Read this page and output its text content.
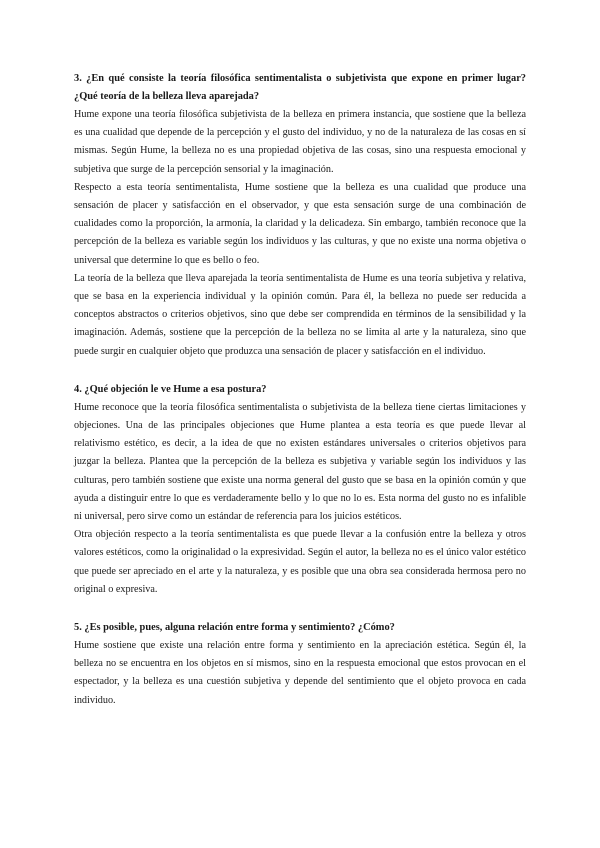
3. ¿En qué consiste la teoría filosófica sentimentalista o subjetivista que expone en primer lugar? ¿Qué teoría de la belleza lleva aparejada?

Hume expone una teoría filosófica subjetivista de la belleza en primera instancia, que sostiene que la belleza es una cualidad que depende de la percepción y el gusto del individuo, y no de la naturaleza de las cosas en sí mismas. Según Hume, la belleza no es una propiedad objetiva de las cosas, sino una respuesta emocional y subjetiva que surge de la percepción sensorial y la imaginación.

Respecto a esta teoría sentimentalista, Hume sostiene que la belleza es una cualidad que produce una sensación de placer y satisfacción en el observador, y que esta sensación surge de una combinación de cualidades como la proporción, la armonía, la claridad y la delicadeza. Sin embargo, también reconoce que la percepción de la belleza es variable según los individuos y las culturas, y que no existe una norma objetiva o universal que determine lo que es bello o feo.

La teoría de la belleza que lleva aparejada la teoría sentimentalista de Hume es una teoría subjetiva y relativa, que se basa en la experiencia individual y la opinión común. Para él, la belleza no puede ser reducida a conceptos abstractos o criterios objetivos, sino que debe ser comprendida en términos de la sensibilidad y la imaginación. Además, sostiene que la percepción de la belleza no se limita al arte y la naturaleza, sino que puede surgir en cualquier objeto que produzca una sensación de placer y satisfacción en el individuo.

4. ¿Qué objeción le ve Hume a esa postura?

Hume reconoce que la teoría filosófica sentimentalista o subjetivista de la belleza tiene ciertas limitaciones y objeciones. Una de las principales objeciones que Hume plantea a esta teoría es que puede llevar al relativismo estético, es decir, a la idea de que no existen estándares universales o criterios objetivos para juzgar la belleza. Plantea que la percepción de la belleza es subjetiva y variable según los individuos y las culturas, pero también sostiene que existe una norma general del gusto que se basa en la opinión común y que ayuda a distinguir entre lo que es verdaderamente bello y lo que no lo es. Esta norma del gusto no es infalible ni universal, pero sirve como un estándar de referencia para los juicios estéticos.

Otra objeción respecto a la teoría sentimentalista es que puede llevar a la confusión entre la belleza y otros valores estéticos, como la originalidad o la expresividad. Según el autor, la belleza no es el único valor estético que puede ser apreciado en el arte y la naturaleza, y es posible que una obra sea considerada hermosa pero no original o expresiva.

5. ¿Es posible, pues, alguna relación entre forma y sentimiento? ¿Cómo?

Hume sostiene que existe una relación entre forma y sentimiento en la apreciación estética. Según él, la belleza no se encuentra en los objetos en sí mismos, sino en la respuesta emocional que estos provocan en el espectador, y la belleza es una cuestión subjetiva y depende del sentimiento que el objeto provoca en cada individuo.
